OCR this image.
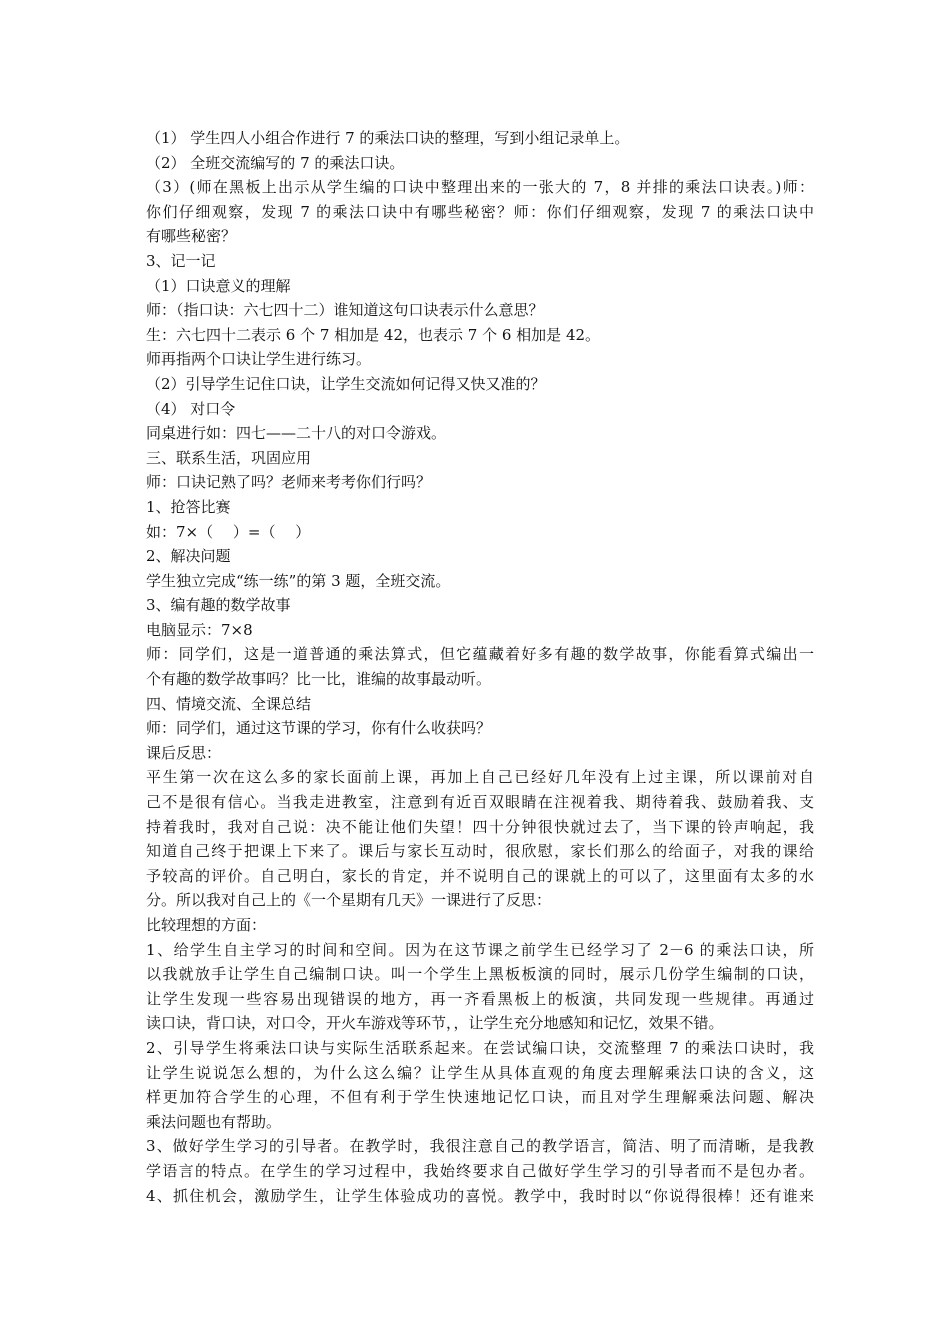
（1） 学生四人小组合作进行 7 的乘法口诀的整理，写到小组记录单上。
（2） 全班交流编写的 7 的乘法口诀。
（3）(师在黑板上出示从学生编的口诀中整理出来的一张大的 7，8 并排的乘法口诀表。)师：
你们仔细观察，发现 7 的乘法口诀中有哪些秘密？师：你们仔细观察，发现 7 的乘法口诀中
有哪些秘密？
3、记一记
（1）口诀意义的理解
师：（指口诀：六七四十二）谁知道这句口诀表示什么意思？
生：六七四十二表示 6 个 7 相加是 42，也表示 7 个 6 相加是 42。
师再指两个口诀让学生进行练习。
（2）引导学生记住口诀，让学生交流如何记得又快又准的？
（4） 对口令
同桌进行如：四七——二十八的对口令游戏。
三、联系生活，巩固应用
师：口诀记熟了吗？老师来考考你们行吗？
1、抢答比赛
如：7×（　 ）=（　 ）
2、解决问题
学生独立完成“练一练”的第 3 题，全班交流。
3、编有趣的数学故事
电脑显示：7×8
师：同学们，这是一道普通的乘法算式，但它蕴藏着好多有趣的数学故事，你能看算式编出一
个有趣的数学故事吗？比一比，谁编的故事最动听。
四、情境交流、全课总结
师：同学们，通过这节课的学习，你有什么收获吗？
课后反思：
平生第一次在这么多的家长面前上课，再加上自己已经好几年没有上过主课，所以课前对自
己不是很有信心。当我走进教室，注意到有近百双眼睛在注视着我、期待着我、鼓励着我、支
持着我时，我对自己说：决不能让他们失望！四十分钟很快就过去了，当下课的铃声响起，我
知道自己终于把课上下来了。课后与家长互动时，很欣慰，家长们那么的给面子，对我的课给
予较高的评价。自己明白，家长的肯定，并不说明自己的课就上的可以了，这里面有太多的水
分。所以我对自己上的《一个星期有几天》一课进行了反思：
比较理想的方面：
1、给学生自主学习的时间和空间。因为在这节课之前学生已经学习了 2－6 的乘法口诀，所
以我就放手让学生自己编制口诀。叫一个学生上黑板板演的同时，展示几份学生编制的口诀，
让学生发现一些容易出现错误的地方，再一齐看黑板上的板演，共同发现一些规律。再通过
读口诀，背口诀，对口令，开火车游戏等环节，，让学生充分地感知和记忆，效果不错。
2、引导学生将乘法口诀与实际生活联系起来。在尝试编口诀，交流整理 7 的乘法口诀时，我
让学生说说怎么想的，为什么这么编？让学生从具体直观的角度去理解乘法口诀的含义，这
样更加符合学生的心理，不但有利于学生快速地记忆口诀，而且对学生理解乘法问题、解决
乘法问题也有帮助。
3、做好学生学习的引导者。在教学时，我很注意自己的教学语言，简洁、明了而清晰，是我教
学语言的特点。在学生的学习过程中，我始终要求自己做好学生学习的引导者而不是包办者。
4、抓住机会，激励学生，让学生体验成功的喜悦。教学中，我时时以“你说得很棒！还有谁来
